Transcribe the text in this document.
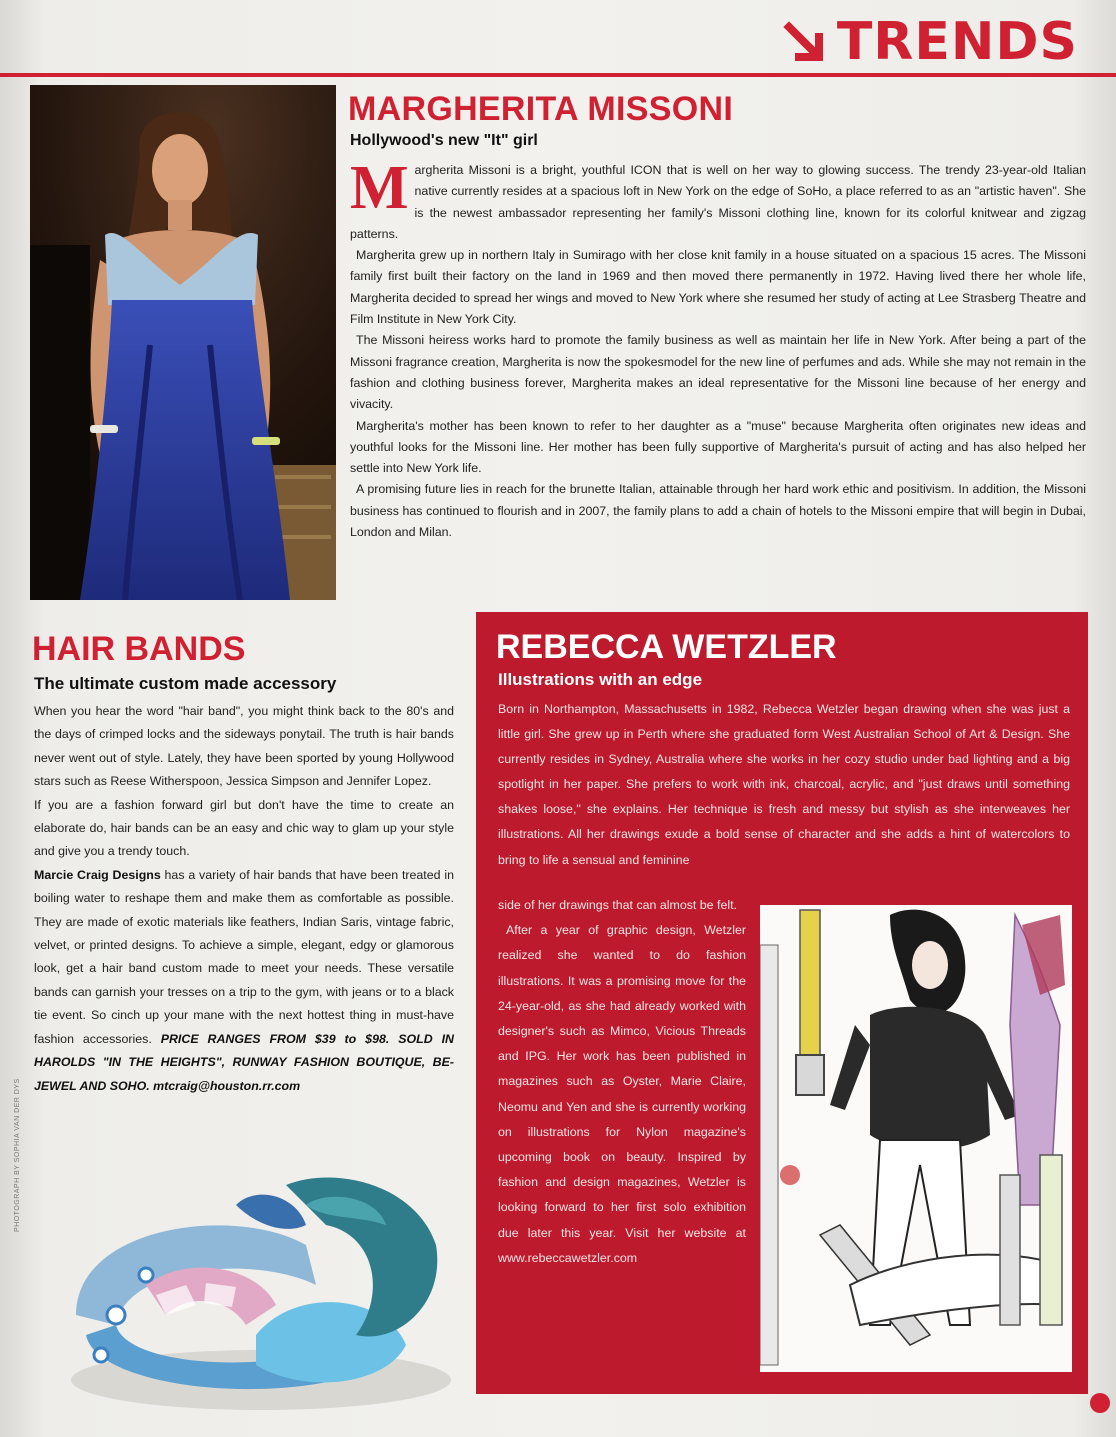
TRENDS
MARGHERITA MISSONI
Hollywood's new "It" girl

Margherita Missoni is a bright, youthful ICON that is well on her way to glowing success. The trendy 23-year-old Italian native currently resides at a spacious loft in New York on the edge of SoHo, a place referred to as an "artistic haven". She is the newest ambassador representing her family's Missoni clothing line, known for its colorful knitwear and zigzag patterns.

Margherita grew up in northern Italy in Sumirago with her close knit family in a house situated on a spacious 15 acres. The Missoni family first built their factory on the land in 1969 and then moved there permanently in 1972. Having lived there her whole life, Margherita decided to spread her wings and moved to New York where she resumed her study of acting at Lee Strasberg Theatre and Film Institute in New York City.

The Missoni heiress works hard to promote the family business as well as maintain her life in New York. After being a part of the Missoni fragrance creation, Margherita is now the spokesmodel for the new line of perfumes and ads. While she may not remain in the fashion and clothing business forever, Margherita makes an ideal representative for the Missoni line because of her energy and vivacity.

Margherita's mother has been known to refer to her daughter as a "muse" because Margherita often originates new ideas and youthful looks for the Missoni line. Her mother has been fully supportive of Margherita's pursuit of acting and has also helped her settle into New York life.

A promising future lies in reach for the brunette Italian, attainable through her hard work ethic and positivism. In addition, the Missoni business has continued to flourish and in 2007, the family plans to add a chain of hotels to the Missoni empire that will begin in Dubai, London and Milan.

HAIR BANDS
The ultimate custom made accessory

When you hear the word "hair band", you might think back to the 80's and the days of crimped locks and the sideways ponytail. The truth is hair bands never went out of style. Lately, they have been sported by young Hollywood stars such as Reese Witherspoon, Jessica Simpson and Jennifer Lopez.

If you are a fashion forward girl but don't have the time to create an elaborate do, hair bands can be an easy and chic way to glam up your style and give you a trendy touch.

Marcie Craig Designs has a variety of hair bands that have been treated in boiling water to reshape them and make them as comfortable as possible. They are made of exotic materials like feathers, Indian Saris, vintage fabric, velvet, or printed designs. To achieve a simple, elegant, edgy or glamorous look, get a hair band custom made to meet your needs. These versatile bands can garnish your tresses on a trip to the gym, with jeans or to a black tie event. So cinch up your mane with the next hottest thing in must-have fashion accessories. PRICE RANGES FROM $39 to $98. SOLD IN HAROLDS "IN THE HEIGHTS", RUNWAY FASHION BOUTIQUE, BE-JEWEL AND SOHO. mtcraig@houston.rr.com

PHOTOGRAPH BY SOPHIA VAN DER DYS
REBECCA WETZLER
Illustrations with an edge

Born in Northampton, Massachusetts in 1982, Rebecca Wetzler began drawing when she was just a little girl. She grew up in Perth where she graduated form West Australian School of Art & Design. She currently resides in Sydney, Australia where she works in her cozy studio under bad lighting and a big spotlight in her paper. She prefers to work with ink, charcoal, acrylic, and "just draws until something shakes loose," she explains. Her technique is fresh and messy but stylish as she interweaves her illustrations. All her drawings exude a bold sense of character and she adds a hint of watercolors to bring to life a sensual and feminine

side of her drawings that can almost be felt.

After a year of graphic design, Wetzler realized she wanted to do fashion illustrations. It was a promising move for the 24-year-old, as she had already worked with designer's such as Mimco, Vicious Threads and IPG. Her work has been published in magazines such as Oyster, Marie Claire, Neomu and Yen and she is currently working on illustrations for Nylon magazine's upcoming book on beauty. Inspired by fashion and design magazines, Wetzler is looking forward to her first solo exhibition due later this year. Visit her website at www.rebeccawetzler.com
